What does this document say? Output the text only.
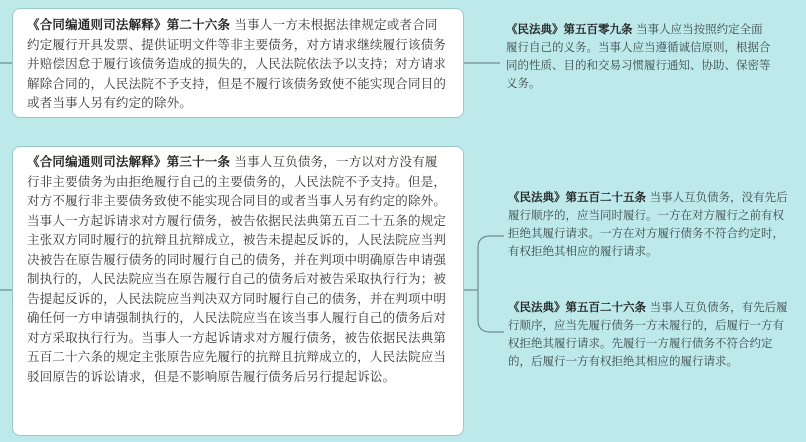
《合同编通则司法解释》第二十六条 当事人一方未根据法律规定或者合同约定履行开具发票、提供证明文件等非主要债务，对方请求继续履行该债务并赔偿因怠于履行该债务造成的损失的，人民法院依法予以支持；对方请求解除合同的，人民法院不予支持，但是不履行该债务致使不能实现合同目的或者当事人另有约定的除外。
《合同编通则司法解释》第三十一条 当事人互负债务，一方以对方没有履行非主要债务为由拒绝履行自己的主要债务的，人民法院不予支持。但是，对方不履行非主要债务致使不能实现合同目的或者当事人另有约定的除外。当事人一方起诉请求对方履行债务，被告依据民法典第五百二十五条的规定主张双方同时履行的抗辩且抗辩成立，被告未提起反诉的，人民法院应当判决被告在原告履行债务的同时履行自己的债务，并在判项中明确原告申请强制执行的，人民法院应当在原告履行自己的债务后对被告采取执行行为；被告提起反诉的，人民法院应当判决双方同时履行自己的债务，并在判项中明确任何一方申请强制执行的，人民法院应当在该当事人履行自己的债务后对对方采取执行行为。当事人一方起诉请求对方履行债务，被告依据民法典第五百二十六条的规定主张原告应先履行的抗辩且抗辩成立的，人民法院应当驳回原告的诉讼请求，但是不影响原告履行债务后另行提起诉讼。
《民法典》第五百零九条 当事人应当按照约定全面履行自己的义务。当事人应当遵循诚信原则，根据合同的性质、目的和交易习惯履行通知、协助、保密等义务。
《民法典》第五百二十五条 当事人互负债务，没有先后履行顺序的，应当同时履行。一方在对方履行之前有权拒绝其履行请求。一方在对方履行债务不符合约定时，有权拒绝其相应的履行请求。
《民法典》第五百二十六条 当事人互负债务，有先后履行顺序，应当先履行债务一方未履行的，后履行一方有权拒绝其履行请求。先履行一方履行债务不符合约定的，后履行一方有权拒绝其相应的履行请求。
